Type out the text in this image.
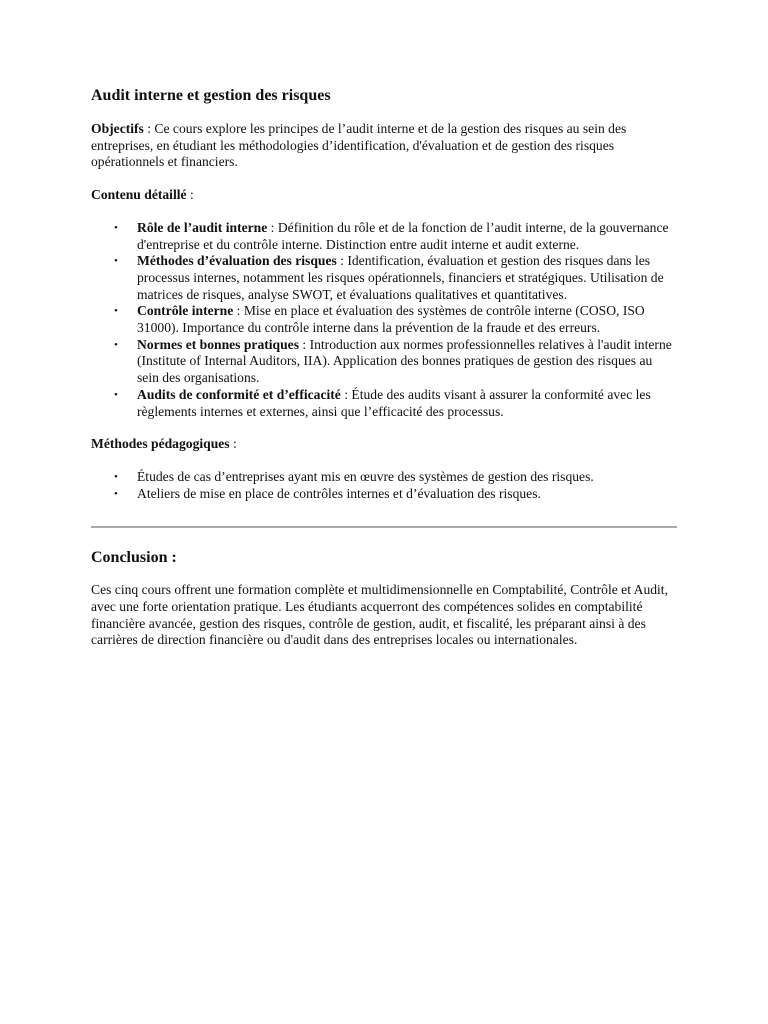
Audit interne et gestion des risques

Objectifs : Ce cours explore les principes de l’audit interne et de la gestion des risques au sein des entreprises, en étudiant les méthodologies d’identification, d'évaluation et de gestion des risques opérationnels et financiers.

Contenu détaillé :

• Rôle de l’audit interne : Définition du rôle et de la fonction de l’audit interne, de la gouvernance d'entreprise et du contrôle interne. Distinction entre audit interne et audit externe.
• Méthodes d’évaluation des risques : Identification, évaluation et gestion des risques dans les processus internes, notamment les risques opérationnels, financiers et stratégiques. Utilisation de matrices de risques, analyse SWOT, et évaluations qualitatives et quantitatives.
• Contrôle interne : Mise en place et évaluation des systèmes de contrôle interne (COSO, ISO 31000). Importance du contrôle interne dans la prévention de la fraude et des erreurs.
• Normes et bonnes pratiques : Introduction aux normes professionnelles relatives à l'audit interne (Institute of Internal Auditors, IIA). Application des bonnes pratiques de gestion des risques au sein des organisations.
• Audits de conformité et d’efficacité : Étude des audits visant à assurer la conformité avec les règlements internes et externes, ainsi que l’efficacité des processus.

Méthodes pédagogiques :

• Études de cas d’entreprises ayant mis en œuvre des systèmes de gestion des risques.
• Ateliers de mise en place de contrôles internes et d’évaluation des risques.
Conclusion :

Ces cinq cours offrent une formation complète et multidimensionnelle en Comptabilité, Contrôle et Audit, avec une forte orientation pratique. Les étudiants acquerront des compétences solides en comptabilité financière avancée, gestion des risques, contrôle de gestion, audit, et fiscalité, les préparant ainsi à des carrières de direction financière ou d'audit dans des entreprises locales ou internationales.
